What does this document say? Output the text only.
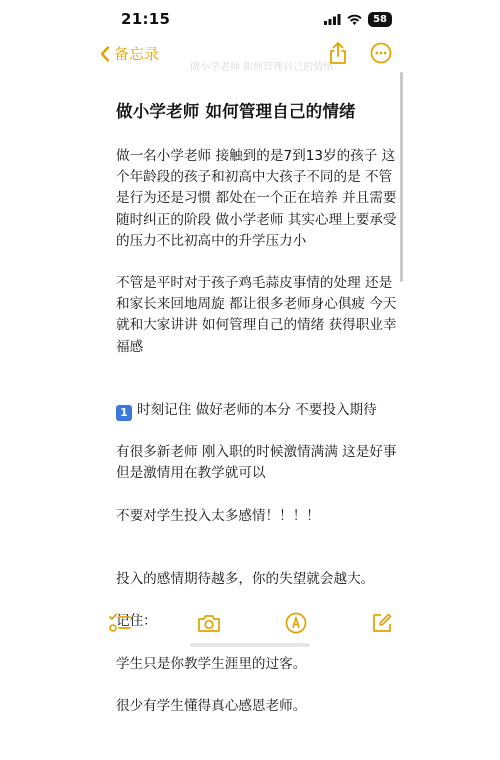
21:15	58
备忘录
做小学老师 如何管理自己的情绪
做小学老师 如何管理自己的情绪
做一名小学老师 接触到的是7到13岁的孩子 这个年龄段的孩子和初高中大孩子不同的是 不管是行为还是习惯 都处在一个正在培养 并且需要随时纠正的阶段 做小学老师 其实心理上要承受的压力不比初高中的升学压力小
不管是平时对于孩子鸡毛蒜皮事情的处理 还是和家长来回地周旋 都让很多老师身心俱疲 今天就和大家讲讲 如何管理自己的情绪 获得职业幸福感

1 时刻记住 做好老师的本分 不要投入期待

有很多新老师 刚入职的时候激情满满 这是好事 但是激情用在教学就可以
不要对学生投入太多感情！！！！

投入的感情期待越多，你的失望就会越大。

记住：

学生只是你教学生涯里的过客。

很少有学生懂得真心感恩老师。
